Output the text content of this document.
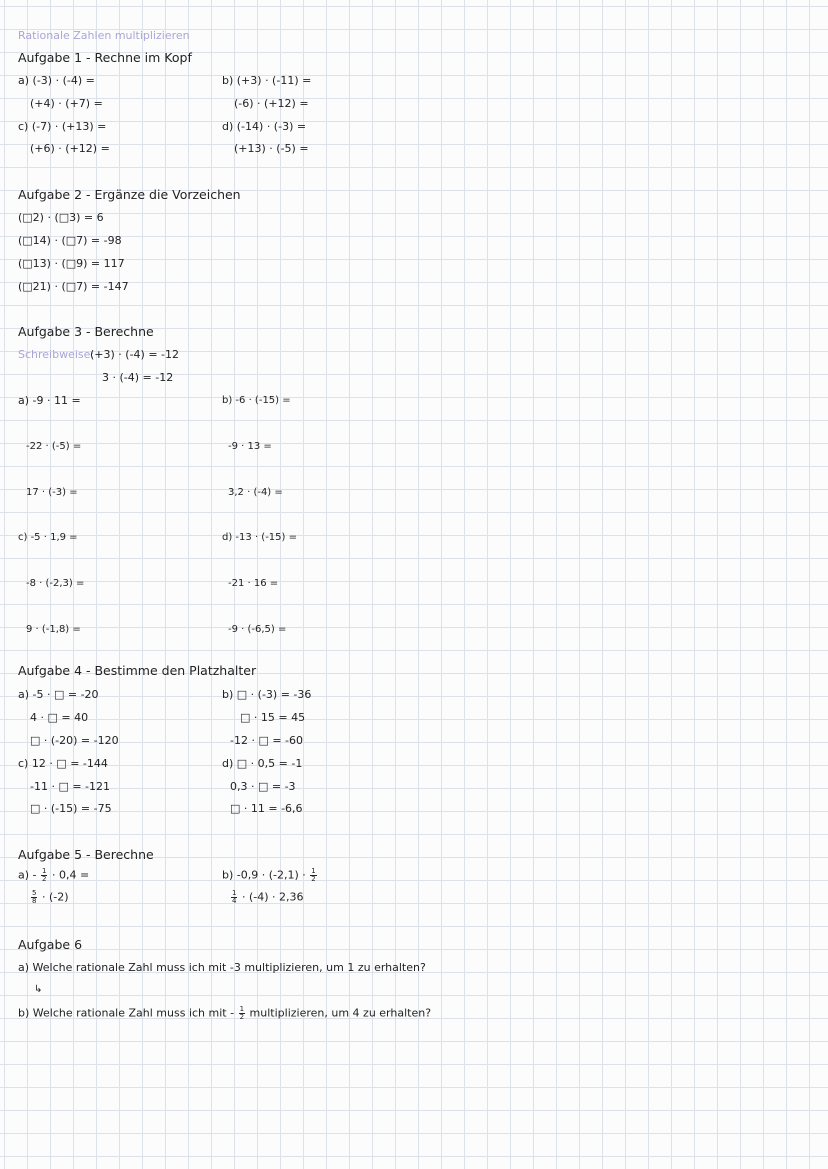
Rationale Zahlen multiplizieren
Aufgabe 1 - Rechne im Kopf
a) (-3) · (-4) =
(+4) · (+7) =
c) (-7) · (+13) =
(+6) · (+12) =
b) (+3) · (-11) =
(-6) · (+12) =
d) (-14) · (-3) =
(+13) · (-5) =
Aufgabe 2 - Ergänze die Vorzeichen
(□2) · (□3) = 6
(□14) · (□7) = -98
(□13) · (□9) = 117
(□21) · (□7) = -147
Aufgabe 3 - Berechne
Schreibweise:
(+3) · (-4) = -12
3 · (-4) = -12
a) -9 · 11 =
-22 · (-5) =
17 · (-3) =
b) -6 · (-15) =
-9 · 13 =
3,2 · (-4) =
c) -5 · 1,9 =
-8 · (-2,3) =
9 · (-1,8) =
d) -13 · (-15) =
-21 · 16 =
-9 · (-6,5) =
Aufgabe 4 - Bestimme den Platzhalter
a) -5 · □ = -20
4 · □ = 40
□ · (-20) = -120
c) 12 · □ = -144
-11 · □ = -121
□ · (-15) = -75
b) □ · (-3) = -36
□ · 15 = 45
-12 · □ = -60
d) □ · 0,5 = -1
0,3 · □ = -3
□ · 11 = -6,6
Aufgabe 5 - Berechne
$a) - \frac{1}{2} \cdot 0,4$ =
$\frac{5}{8} \cdot (-2)$
b) $-0,9 \cdot (-2,1) \cdot \frac{1}{2}$
$\frac{1}{4} \cdot (-4) \cdot 2,36$
Aufgabe 6
a) Welche rationale Zahl muss ich mit -3 multiplizieren, um 1 zu erhalten?
↳
b) Welche rationale Zahl muss ich mit - $\frac{1}{2}$ multiplizieren, um 4 zu erhalten?
